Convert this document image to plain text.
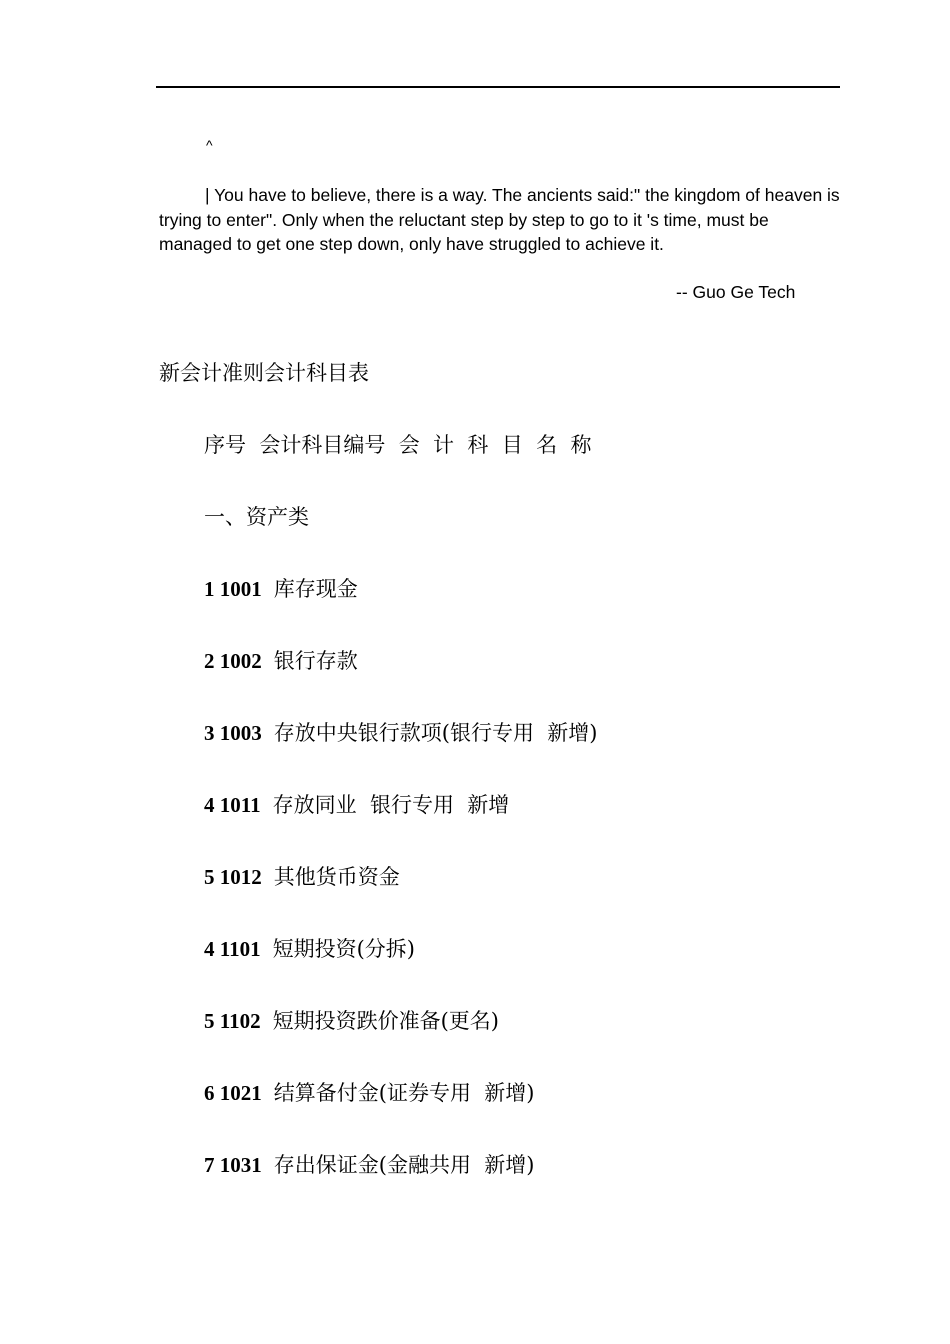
^

| You have to believe, there is a way. The ancients said:" the kingdom of heaven is trying to enter". Only when the reluctant step by step to go to it 's time, must be managed to get one step down, only have struggled to achieve it.

-- Guo Ge Tech
新会计准则会计科目表
序号  会计科目编号  会  计  科  目  名  称
一、资产类
1 1001 库存现金
2 1002 银行存款
3 1003 存放中央银行款项(银行专用  新增)
4 1011 存放同业  银行专用  新增
5 1012 其他货币资金
4 1101 短期投资(分拆)
5 1102 短期投资跌价准备(更名)
6 1021 结算备付金(证券专用  新增)
7 1031 存出保证金(金融共用  新增)
